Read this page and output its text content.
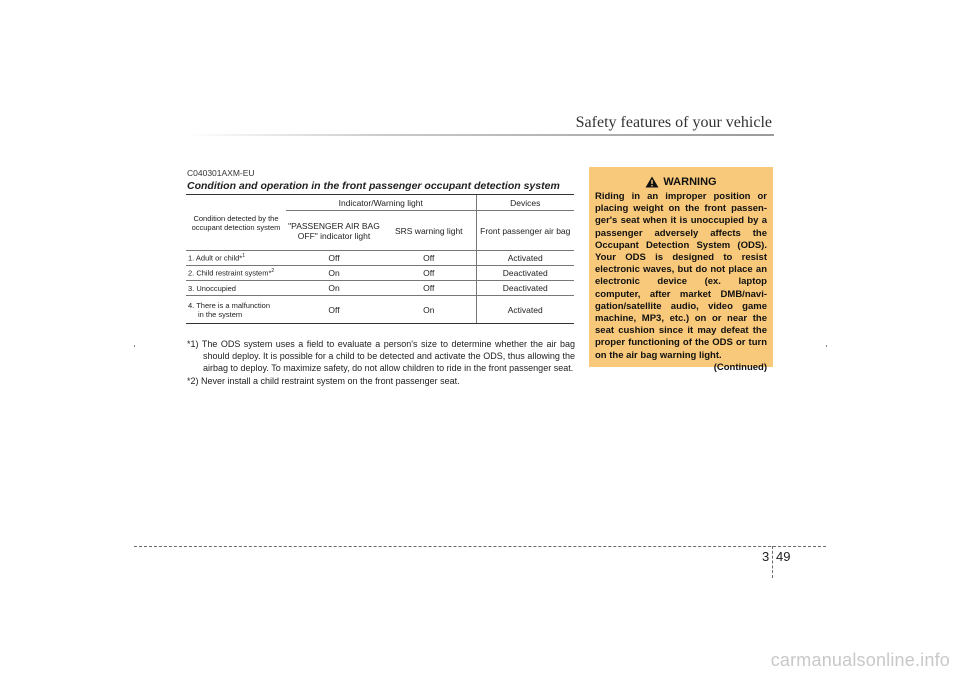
Safety features of your vehicle
C040301AXM-EU
Condition and operation in the front passenger occupant detection system
Condition detected by the occupant detection system	Indicator/Warning light		Devices
	"PASSENGER AIR BAG OFF" indicator light	SRS warning light	Front passenger air bag
1. Adult or child*$^1$	Off	Off	Activated
2. Child restraint system*$^2$	On	Off	Deactivated
3. Unoccupied	On	Off	Deactivated

4. There is a malfunction
in the system	Off	On	Activated

*1) The ODS system uses a field to evaluate a person's size to determine whether the air bag should deploy. It is possible for a child to be detected and activate the ODS, thus allowing the airbag to deploy. To maximize safety, do not allow children to ride in the front passenger seat.

*2) Never install a child restraint system on the front passenger seat.

WARNING
Riding in an improper position or placing weight on the front passen-ger's seat when it is unoccupied by a passenger adversely affects the Occupant Detection System (ODS). Your ODS is designed to resist electronic waves, but do not place an electronic device (ex. laptop computer, after market DMB/navi-gation/satellite audio, video game machine, MP3, etc.) on or near the seat cushion since it may defeat the proper functioning of the ODS or turn on the air bag warning light.
(Continued)
3 49
carmanualsonline.info
